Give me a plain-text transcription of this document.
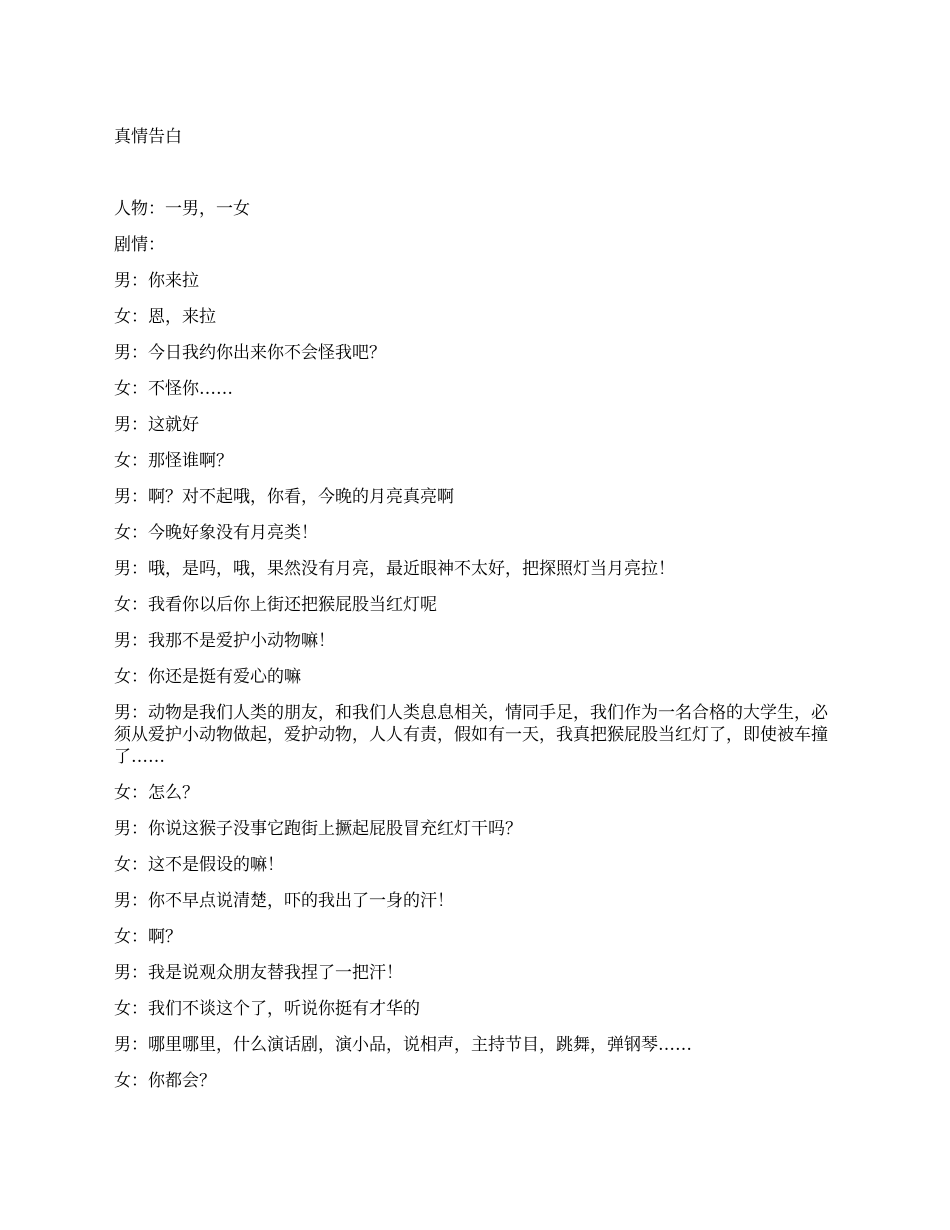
真情告白

人物：一男，一女

剧情：

男：你来拉

女：恩，来拉

男：今日我约你出来你不会怪我吧？

女：不怪你……

男：这就好

女：那怪谁啊？

男：啊？对不起哦，你看，今晚的月亮真亮啊

女：今晚好象没有月亮类！

男：哦，是吗，哦，果然没有月亮，最近眼神不太好，把探照灯当月亮拉！

女：我看你以后你上街还把猴屁股当红灯呢

男：我那不是爱护小动物嘛！

女：你还是挺有爱心的嘛

男：动物是我们人类的朋友，和我们人类息息相关，情同手足，我们作为一名合格的大学生，必须从爱护小动物做起，爱护动物，人人有责，假如有一天，我真把猴屁股当红灯了，即使被车撞了……

女：怎么？

男：你说这猴子没事它跑街上撅起屁股冒充红灯干吗？

女：这不是假设的嘛！

男：你不早点说清楚，吓的我出了一身的汗！

女：啊？

男：我是说观众朋友替我捏了一把汗！

女：我们不谈这个了，听说你挺有才华的

男：哪里哪里，什么演话剧，演小品，说相声，主持节目，跳舞，弹钢琴……

女：你都会？
